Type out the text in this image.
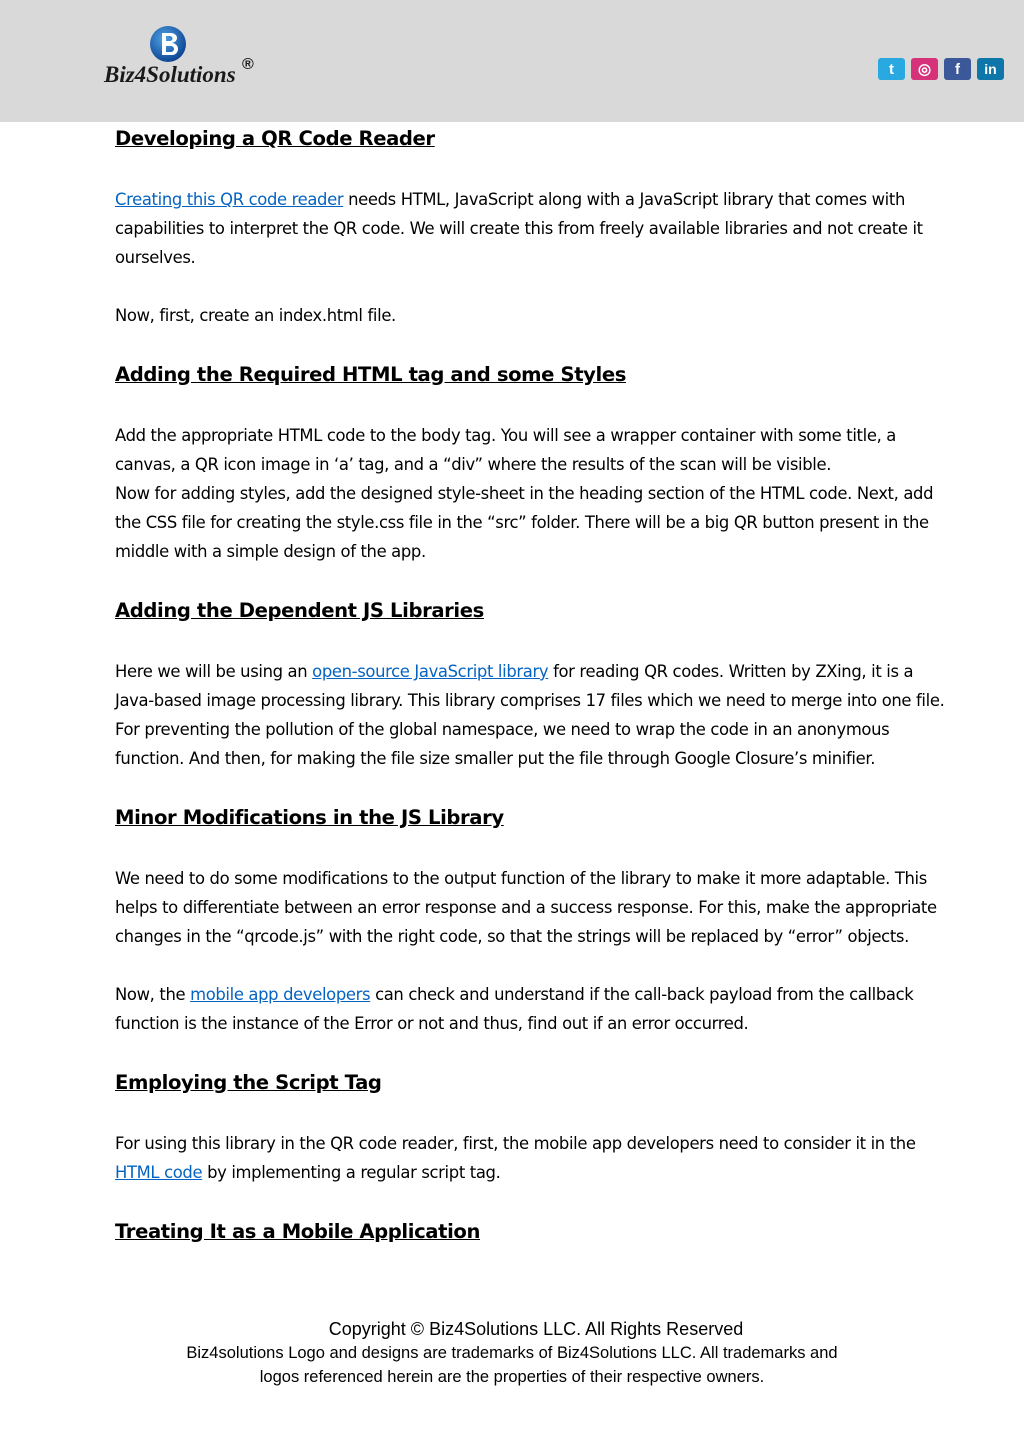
Biz4Solutions ®	t	◎	f	in
Developing a QR Code Reader

Creating this QR code reader needs HTML, JavaScript along with a JavaScript library that comes with capabilities to interpret the QR code. We will create this from freely available libraries and not create it ourselves.

Now, first, create an index.html file.

Adding the Required HTML tag and some Styles

Add the appropriate HTML code to the body tag. You will see a wrapper container with some title, a canvas, a QR icon image in ‘a’ tag, and a “div” where the results of the scan will be visible.

Now for adding styles, add the designed style-sheet in the heading section of the HTML code. Next, add the CSS file for creating the style.css file in the “src” folder. There will be a big QR button present in the middle with a simple design of the app.

Adding the Dependent JS Libraries

Here we will be using an open-source JavaScript library for reading QR codes. Written by ZXing, it is a Java-based image processing library. This library comprises 17 files which we need to merge into one file. For preventing the pollution of the global namespace, we need to wrap the code in an anonymous function. And then, for making the file size smaller put the file through Google Closure’s minifier.

Minor Modifications in the JS Library

We need to do some modifications to the output function of the library to make it more adaptable. This helps to differentiate between an error response and a success response. For this, make the appropriate changes in the “qrcode.js” with the right code, so that the strings will be replaced by “error” objects.

Now, the mobile app developers can check and understand if the call-back payload from the callback function is the instance of the Error or not and thus, find out if an error occurred.

Employing the Script Tag

For using this library in the QR code reader, first, the mobile app developers need to consider it in the HTML code by implementing a regular script tag.

Treating It as a Mobile Application
Copyright © Biz4Solutions LLC. All Rights Reserved
Biz4solutions Logo and designs are trademarks of Biz4Solutions LLC. All trademarks and
logos referenced herein are the properties of their respective owners.
